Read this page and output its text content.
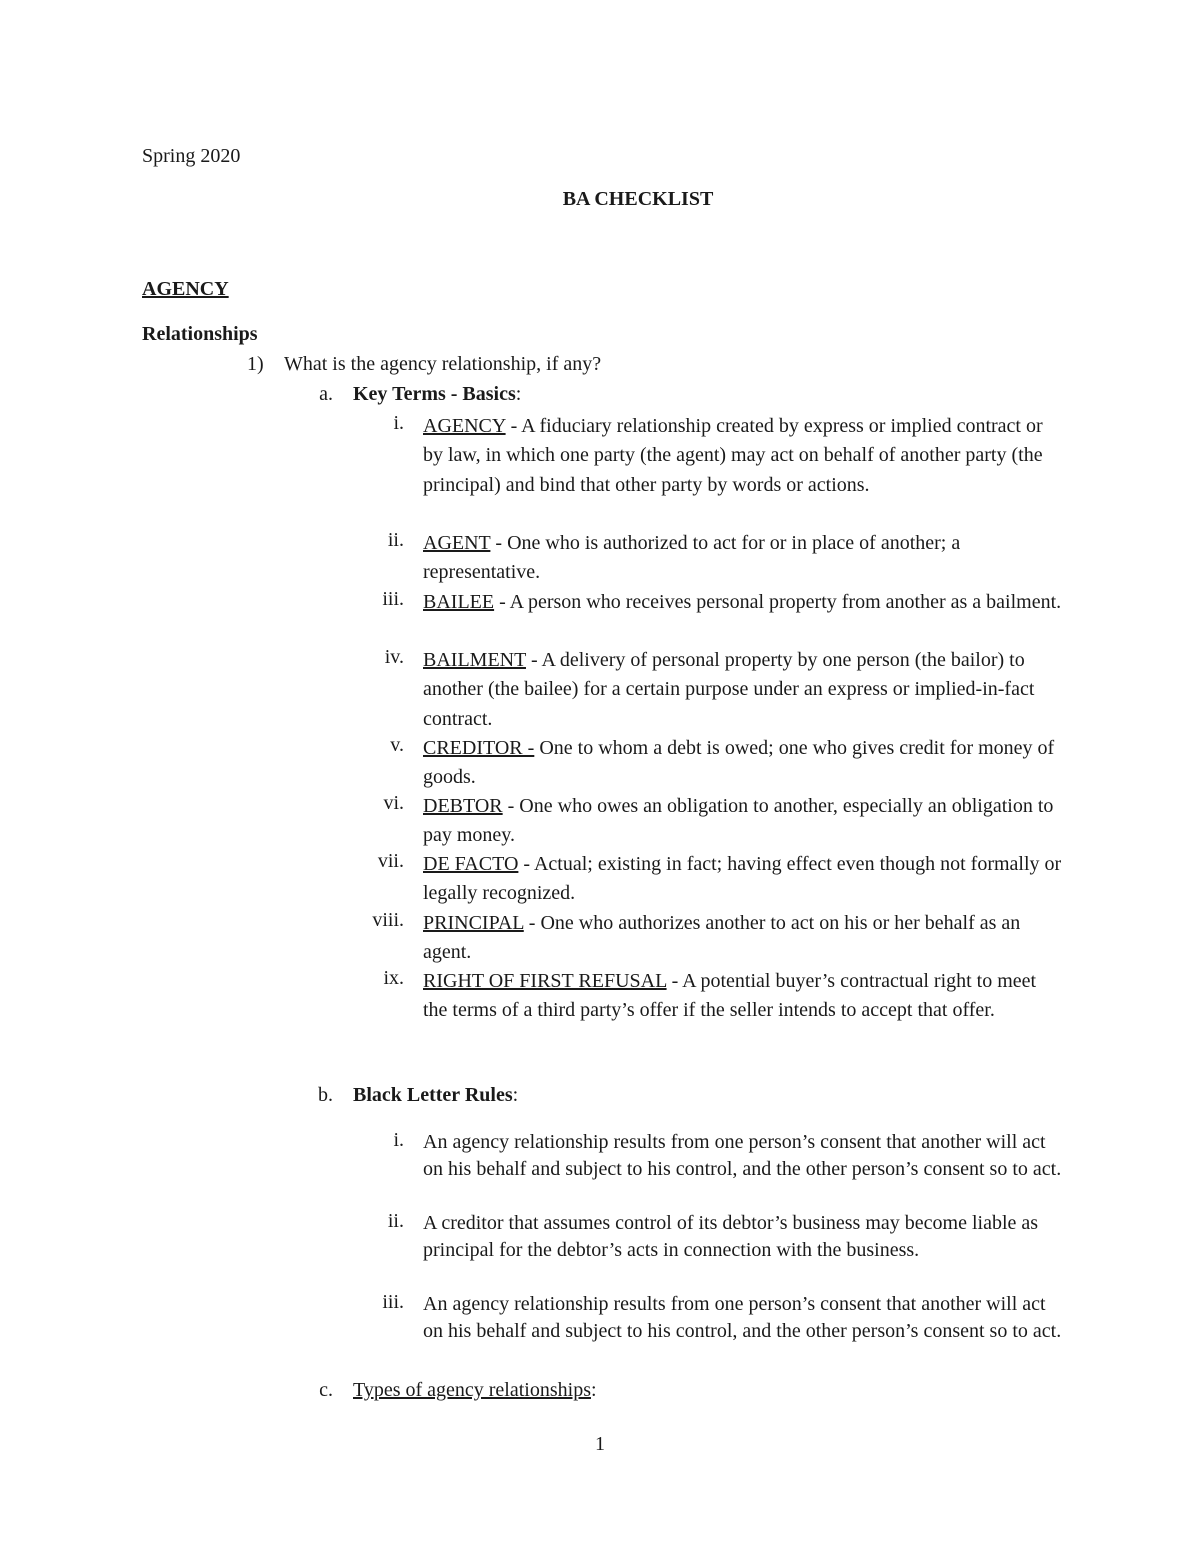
Spring 2020
BA CHECKLIST
AGENCY
Relationships
1) What is the agency relationship, if any?
a. Key Terms - Basics:
i. AGENCY - A fiduciary relationship created by express or implied contract or by law, in which one party (the agent) may act on behalf of another party (the principal) and bind that other party by words or actions.
ii. AGENT - One who is authorized to act for or in place of another; a representative.
iii. BAILEE - A person who receives personal property from another as a bailment.
iv. BAILMENT - A delivery of personal property by one person (the bailor) to another (the bailee) for a certain purpose under an express or implied-in-fact contract.
v. CREDITOR - One to whom a debt is owed; one who gives credit for money of goods.
vi. DEBTOR - One who owes an obligation to another, especially an obligation to pay money.
vii. DE FACTO - Actual; existing in fact; having effect even though not formally or legally recognized.
viii. PRINCIPAL - One who authorizes another to act on his or her behalf as an agent.
ix. RIGHT OF FIRST REFUSAL - A potential buyer’s contractual right to meet the terms of a third party’s offer if the seller intends to accept that offer.
b. Black Letter Rules:
i. An agency relationship results from one person’s consent that another will act on his behalf and subject to his control, and the other person’s consent so to act.
ii. A creditor that assumes control of its debtor’s business may become liable as principal for the debtor’s acts in connection with the business.
iii. An agency relationship results from one person’s consent that another will act on his behalf and subject to his control, and the other person’s consent so to act.
c. Types of agency relationships:
1
